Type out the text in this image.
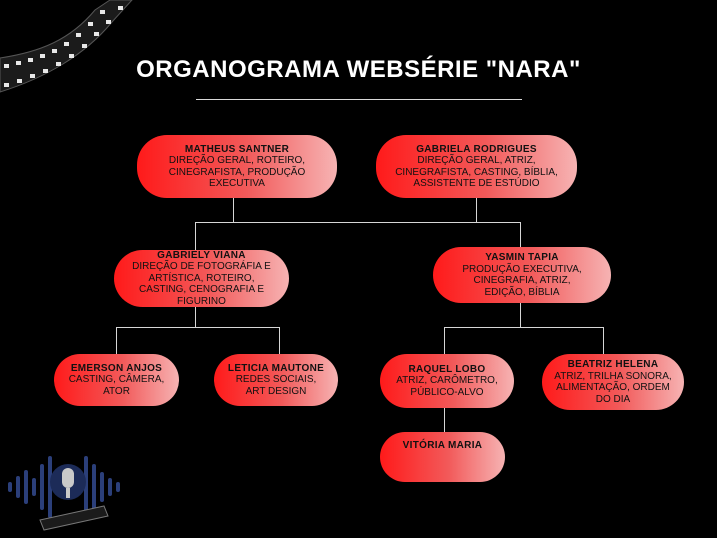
ORGANOGRAMA WEBSÉRIE "NARA"
MATHEUS SANTNER
DIREÇÃO GERAL, ROTEIRO, CINEGRAFISTA, PRODUÇÃO EXECUTIVA
GABRIELA RODRIGUES
DIREÇÃO GERAL, ATRIZ, CINEGRAFISTA, CASTING, BÍBLIA, ASSISTENTE DE ESTÚDIO
GABRIELY VIANA
DIREÇÃO DE FOTOGRÁFIA E ARTÍSTICA, ROTEIRO, CASTING, CENOGRAFIA E FIGURINO
YASMIN TAPIA
PRODUÇÃO EXECUTIVA, CINEGRAFIA, ATRIZ, EDIÇÃO, BÍBLIA
EMERSON ANJOS
CASTING, CÂMERA, ATOR
LETICIA MAUTONE
REDES SOCIAIS, ART DESIGN
RAQUEL LOBO
ATRIZ, CARÔMETRO, PÚBLICO-ALVO
BEATRIZ HELENA
ATRIZ, TRILHA SONORA, ALIMENTAÇÃO, ORDEM DO DIA
VITÓRIA MARIA
